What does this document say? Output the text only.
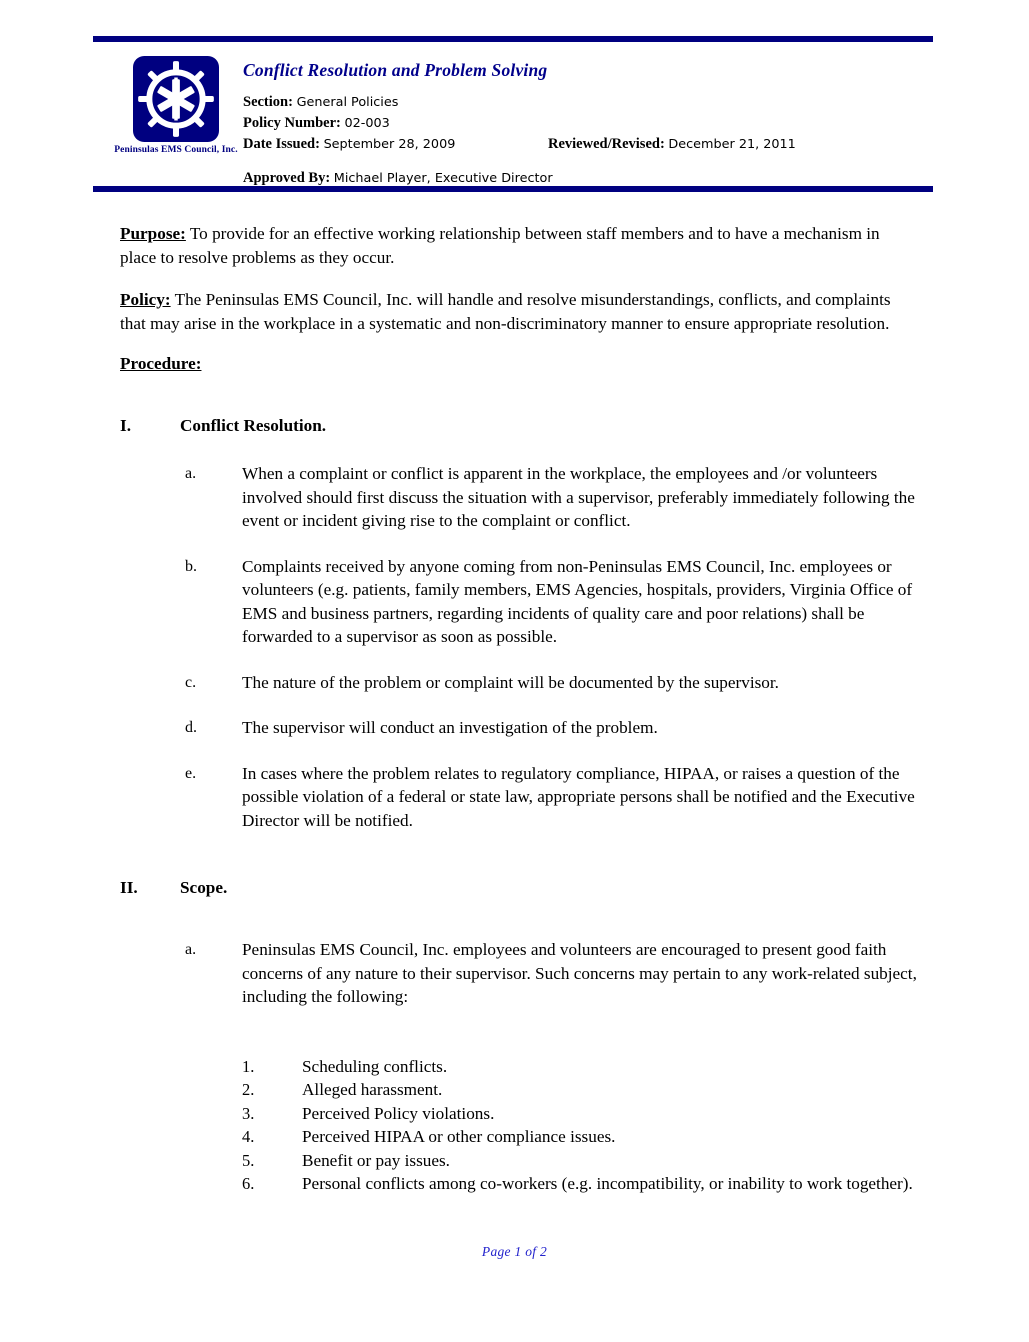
Peninsulas EMS Council, Inc.
Conflict Resolution and Problem Solving
Section: General Policies
Policy Number: 02-003
Date Issued: September 28, 2009	Reviewed/Revised: December 21, 2011
Approved By: Michael Player, Executive Director

Purpose: To provide for an effective working relationship between staff members and to have a mechanism in place to resolve problems as they occur.

Policy: The Peninsulas EMS Council, Inc. will handle and resolve misunderstandings, conflicts, and complaints that may arise in the workplace in a systematic and non-discriminatory manner to ensure appropriate resolution.

Procedure:
I.	Conflict Resolution.
a.	When a complaint or conflict is apparent in the workplace, the employees and /or volunteers involved should first discuss the situation with a supervisor, preferably immediately following the event or incident giving rise to the complaint or conflict.
b.	Complaints received by anyone coming from non-Peninsulas EMS Council, Inc. employees or volunteers (e.g. patients, family members, EMS Agencies, hospitals, providers, Virginia Office of EMS and business partners, regarding incidents of quality care and poor relations) shall be forwarded to a supervisor as soon as possible.
c.	The nature of the problem or complaint will be documented by the supervisor.
d.	The supervisor will conduct an investigation of the problem.
e.	In cases where the problem relates to regulatory compliance, HIPAA, or raises a question of the possible violation of a federal or state law, appropriate persons shall be notified and the Executive Director will be notified.
II. Scope.
a.	Peninsulas EMS Council, Inc. employees and volunteers are encouraged to present good faith concerns of any nature to their supervisor. Such concerns may pertain to any work-related subject, including the following:
1.	Scheduling conflicts.
2.	Alleged harassment.
3.	Perceived Policy violations.
4.	Perceived HIPAA or other compliance issues.
5.	Benefit or pay issues.
6.	Personal conflicts among co-workers (e.g. incompatibility, or inability to work together).
Page 1 of 2
